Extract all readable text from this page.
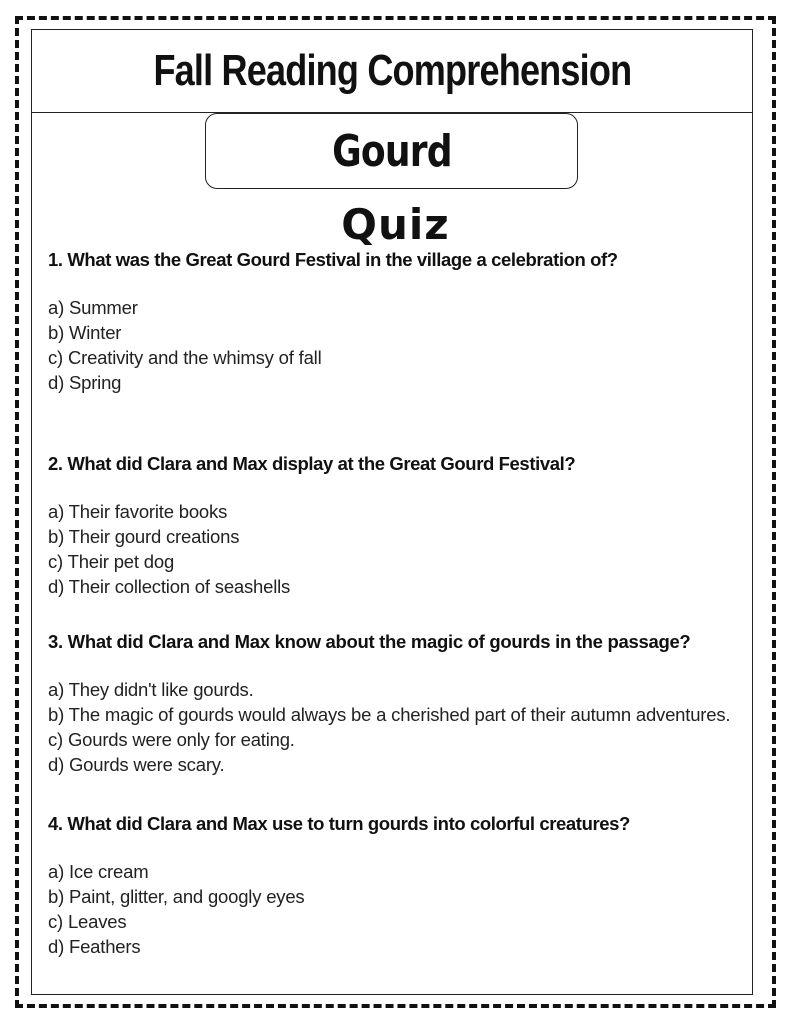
Fall Reading Comprehension
Gourd
Quiz
1. What was the Great Gourd Festival in the village a celebration of?
a) Summer
b) Winter
c) Creativity and the whimsy of fall
d) Spring
2. What did Clara and Max display at the Great Gourd Festival?
a) Their favorite books
b) Their gourd creations
c) Their pet dog
d) Their collection of seashells
3. What did Clara and Max know about the magic of gourds in the passage?
a) They didn't like gourds.
b) The magic of gourds would always be a cherished part of their autumn adventures.
c) Gourds were only for eating.
d) Gourds were scary.
4. What did Clara and Max use to turn gourds into colorful creatures?
a) Ice cream
b) Paint, glitter, and googly eyes
c) Leaves
d) Feathers
